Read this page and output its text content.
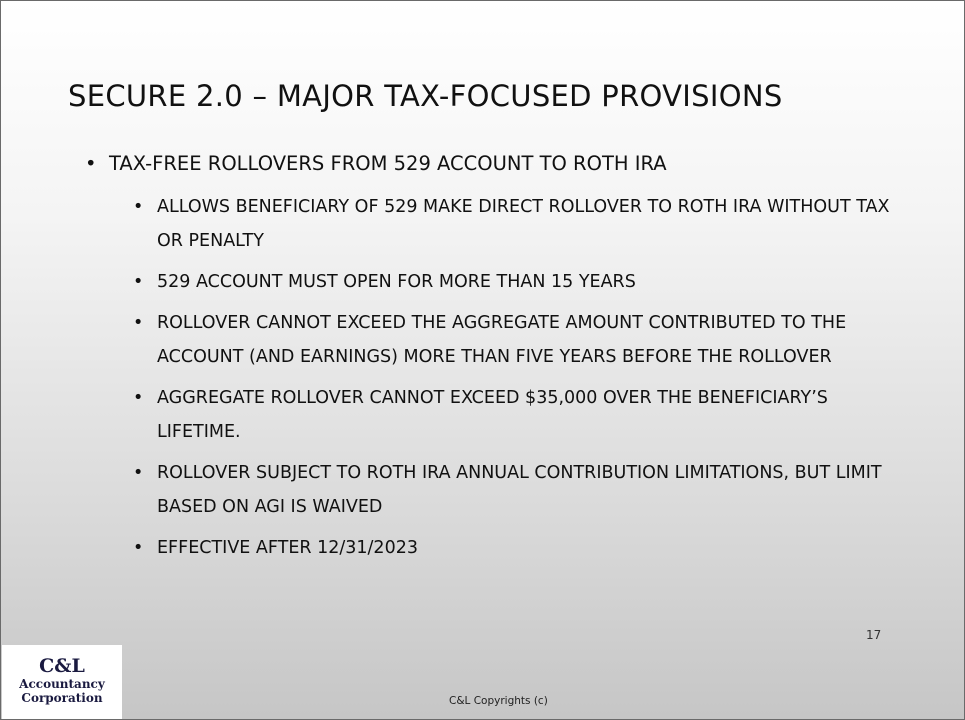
SECURE 2.0 – MAJOR TAX-FOCUSED PROVISIONS
• TAX-FREE ROLLOVERS FROM 529 ACCOUNT TO ROTH IRA
• ALLOWS BENEFICIARY OF 529 MAKE DIRECT ROLLOVER TO ROTH IRA WITHOUT TAX OR PENALTY
• 529 ACCOUNT MUST OPEN FOR MORE THAN 15 YEARS
• ROLLOVER CANNOT EXCEED THE AGGREGATE AMOUNT CONTRIBUTED TO THE ACCOUNT (AND EARNINGS) MORE THAN FIVE YEARS BEFORE THE ROLLOVER
• AGGREGATE ROLLOVER CANNOT EXCEED $35,000 OVER THE BENEFICIARY’S LIFETIME.
• ROLLOVER SUBJECT TO ROTH IRA ANNUAL CONTRIBUTION LIMITATIONS, BUT LIMIT BASED ON AGI IS WAIVED
• EFFECTIVE AFTER 12/31/2023
17
C&L Copyrights (c)
C&L
Accountancy
Corporation
